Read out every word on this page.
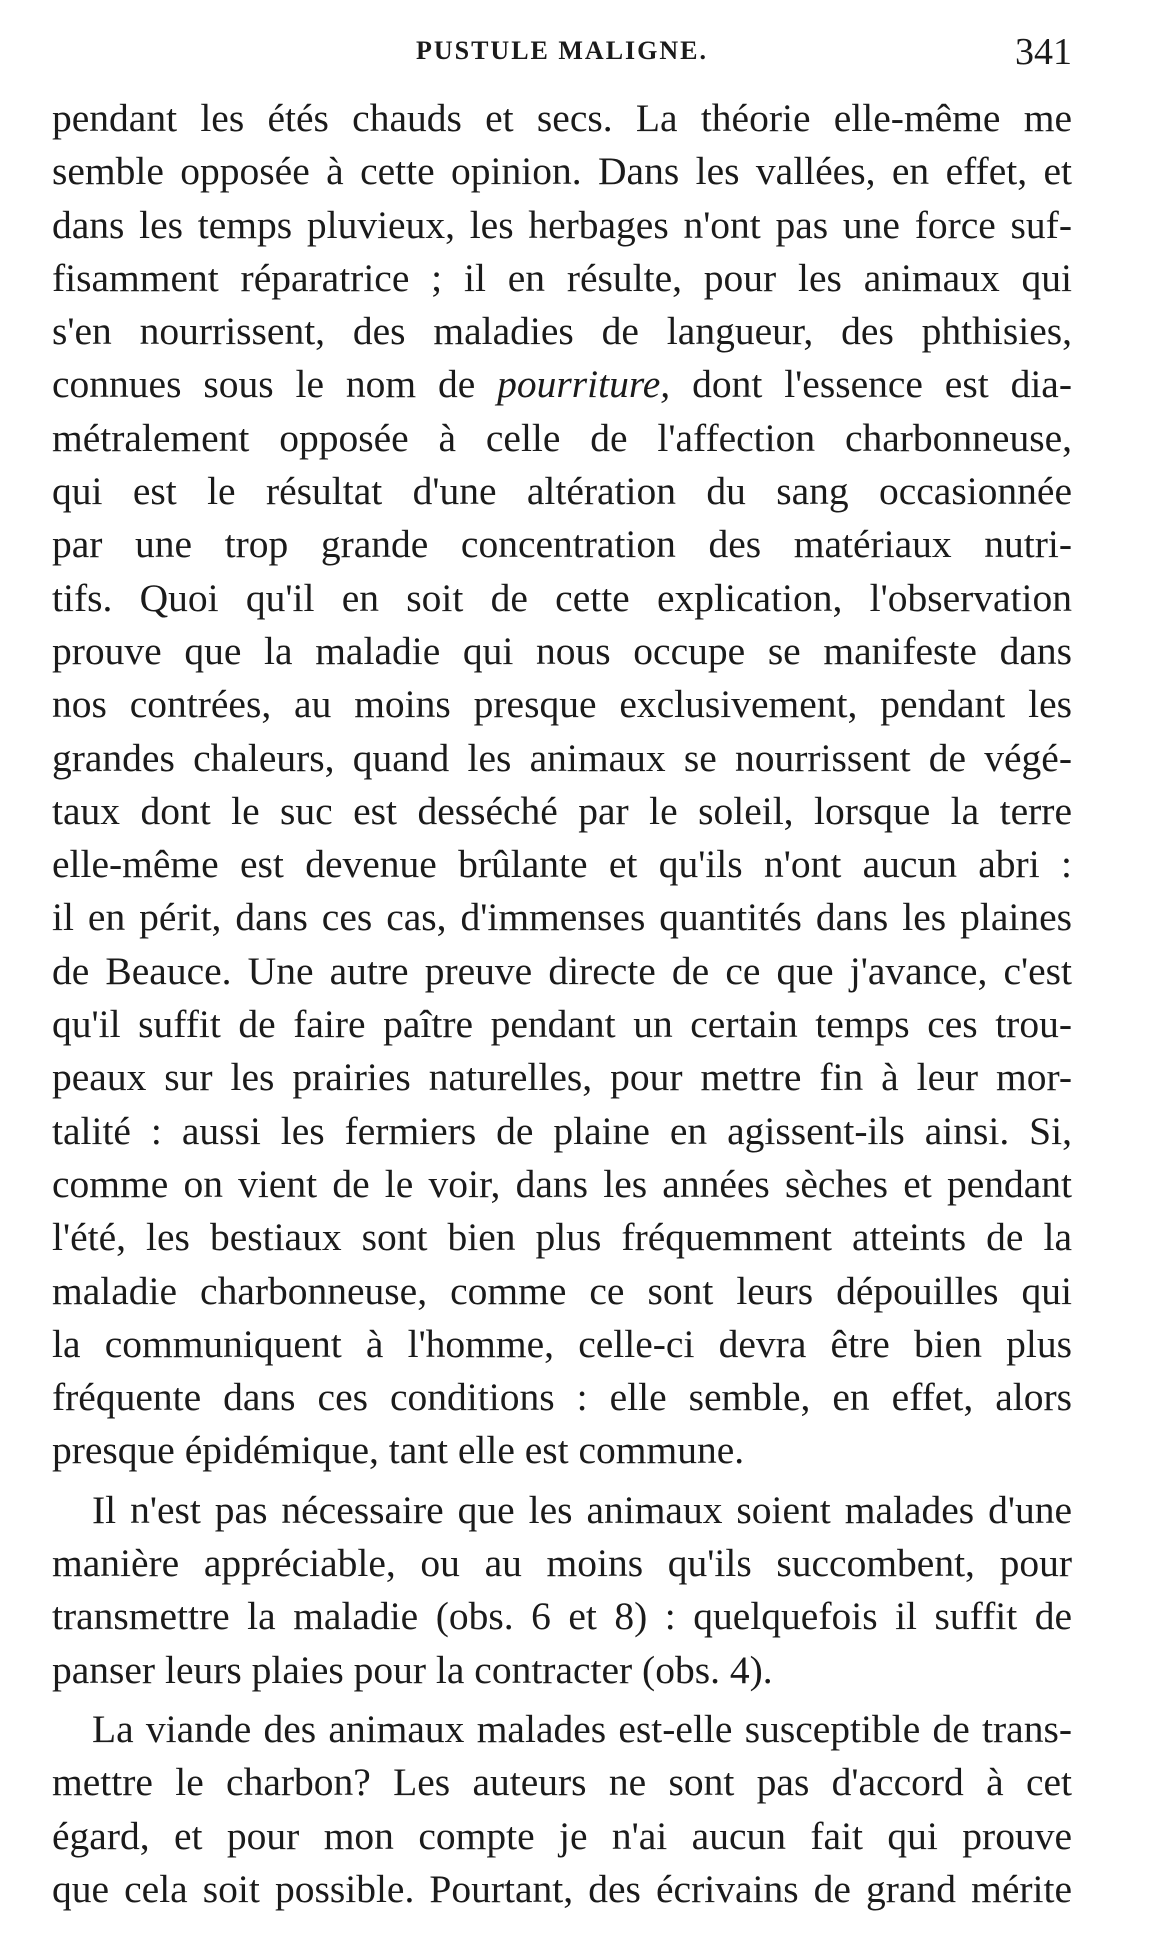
PUSTULE MALIGNE.	341
pendant les étés chauds et secs. La théorie elle-même me
semble opposée à cette opinion. Dans les vallées, en effet, et
dans les temps pluvieux, les herbages n'ont pas une force suf-
fisamment réparatrice ; il en résulte, pour les animaux qui
s'en nourrissent, des maladies de langueur, des phthisies,
connues sous le nom de pourriture, dont l'essence est dia-
métralement opposée à celle de l'affection charbonneuse,
qui est le résultat d'une altération du sang occasionnée
par une trop grande concentration des matériaux nutri-
tifs. Quoi qu'il en soit de cette explication, l'observation
prouve que la maladie qui nous occupe se manifeste dans
nos contrées, au moins presque exclusivement, pendant les
grandes chaleurs, quand les animaux se nourrissent de végé-
taux dont le suc est desséché par le soleil, lorsque la terre
elle-même est devenue brûlante et qu'ils n'ont aucun abri :
il en périt, dans ces cas, d'immenses quantités dans les plaines
de Beauce. Une autre preuve directe de ce que j'avance, c'est
qu'il suffit de faire paître pendant un certain temps ces trou-
peaux sur les prairies naturelles, pour mettre fin à leur mor-
talité : aussi les fermiers de plaine en agissent-ils ainsi. Si,
comme on vient de le voir, dans les années sèches et pendant
l'été, les bestiaux sont bien plus fréquemment atteints de la
maladie charbonneuse, comme ce sont leurs dépouilles qui
la communiquent à l'homme, celle-ci devra être bien plus
fréquente dans ces conditions : elle semble, en effet, alors
presque épidémique, tant elle est commune.
Il n'est pas nécessaire que les animaux soient malades d'une
manière appréciable, ou au moins qu'ils succombent, pour
transmettre la maladie (obs. 6 et 8) : quelquefois il suffit de
panser leurs plaies pour la contracter (obs. 4).
La viande des animaux malades est-elle susceptible de trans-
mettre le charbon? Les auteurs ne sont pas d'accord à cet
égard, et pour mon compte je n'ai aucun fait qui prouve
que cela soit possible. Pourtant, des écrivains de grand mérite
